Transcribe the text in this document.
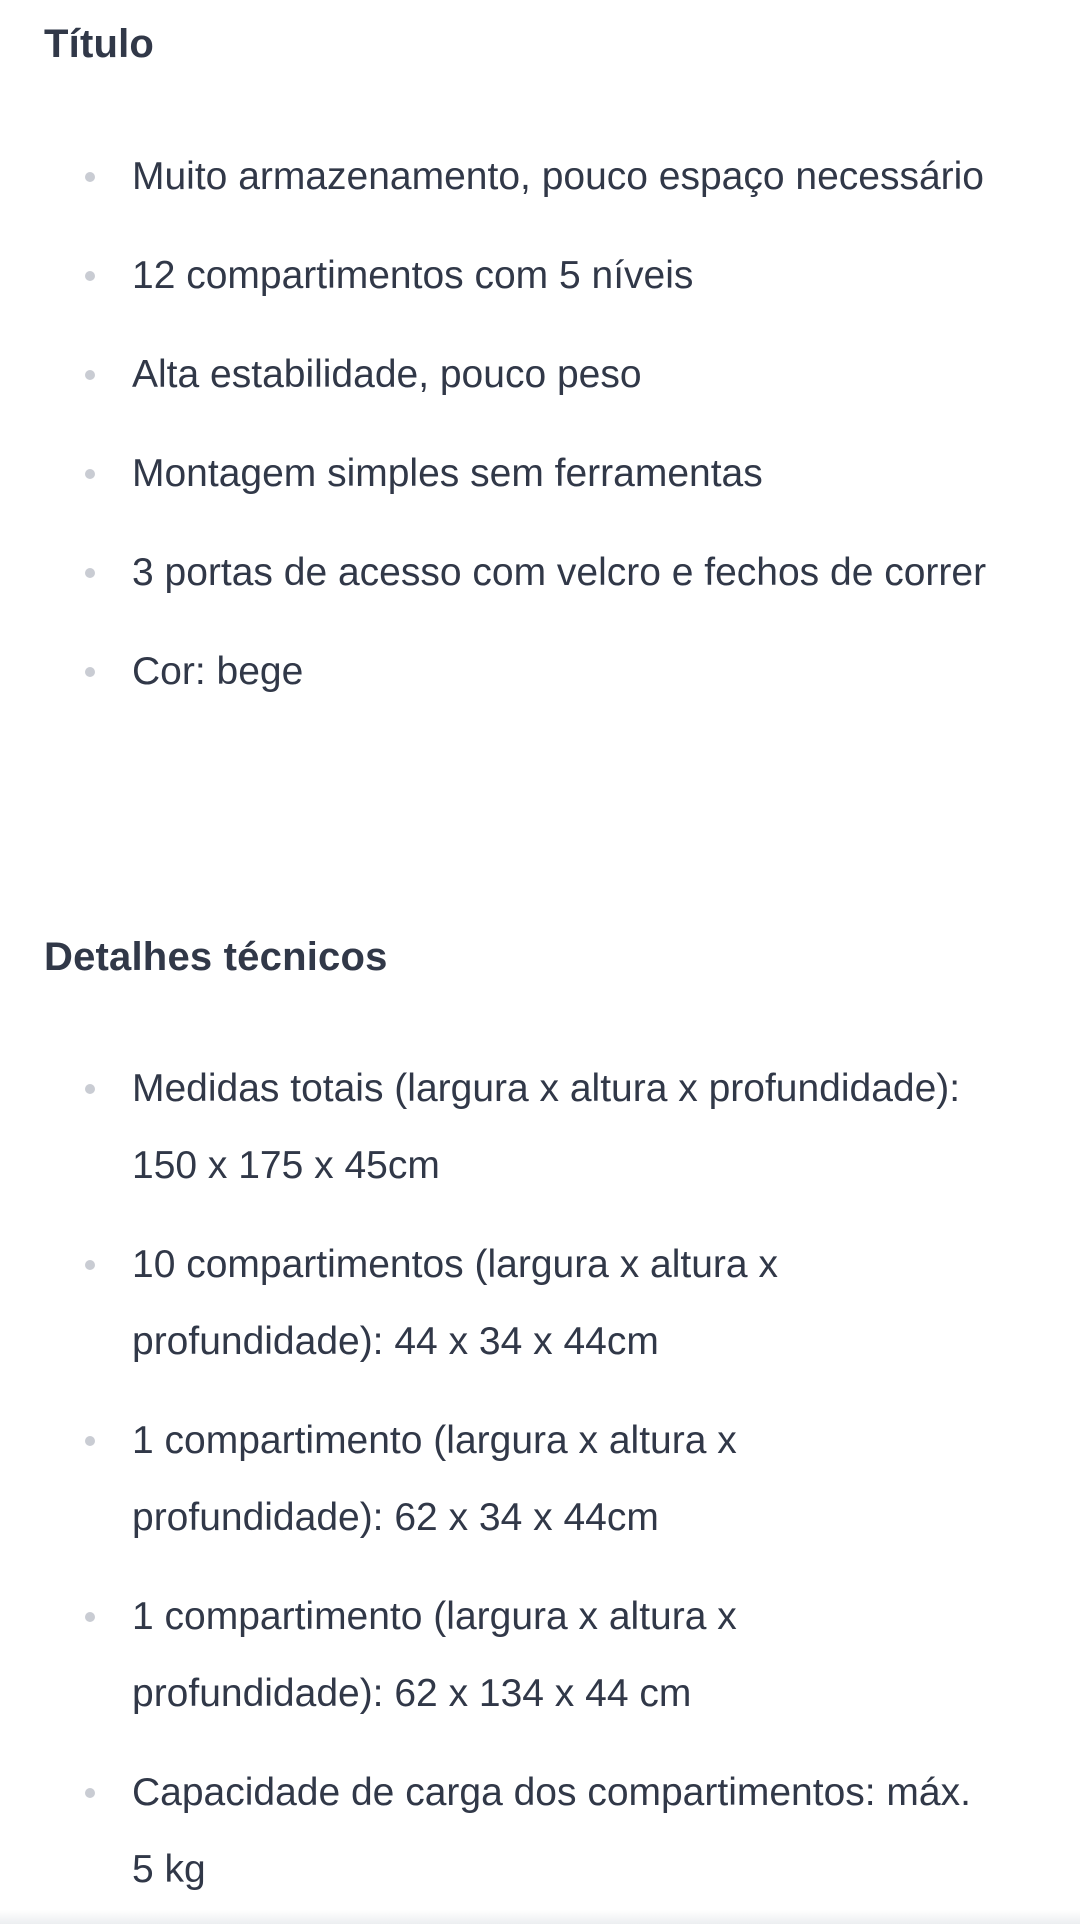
Título
Muito armazenamento, pouco espaço necessário
12 compartimentos com 5 níveis
Alta estabilidade, pouco peso
Montagem simples sem ferramentas
3 portas de acesso com velcro e fechos de correr
Cor: bege
Detalhes técnicos
Medidas totais (largura x altura x profundidade): 150 x 175 x 45cm
10 compartimentos (largura x altura x profundidade): 44 x 34 x 44cm
1 compartimento (largura x altura x profundidade): 62 x 34 x 44cm
1 compartimento (largura x altura x profundidade): 62 x 134 x 44 cm
Capacidade de carga dos compartimentos: máx. 5 kg
